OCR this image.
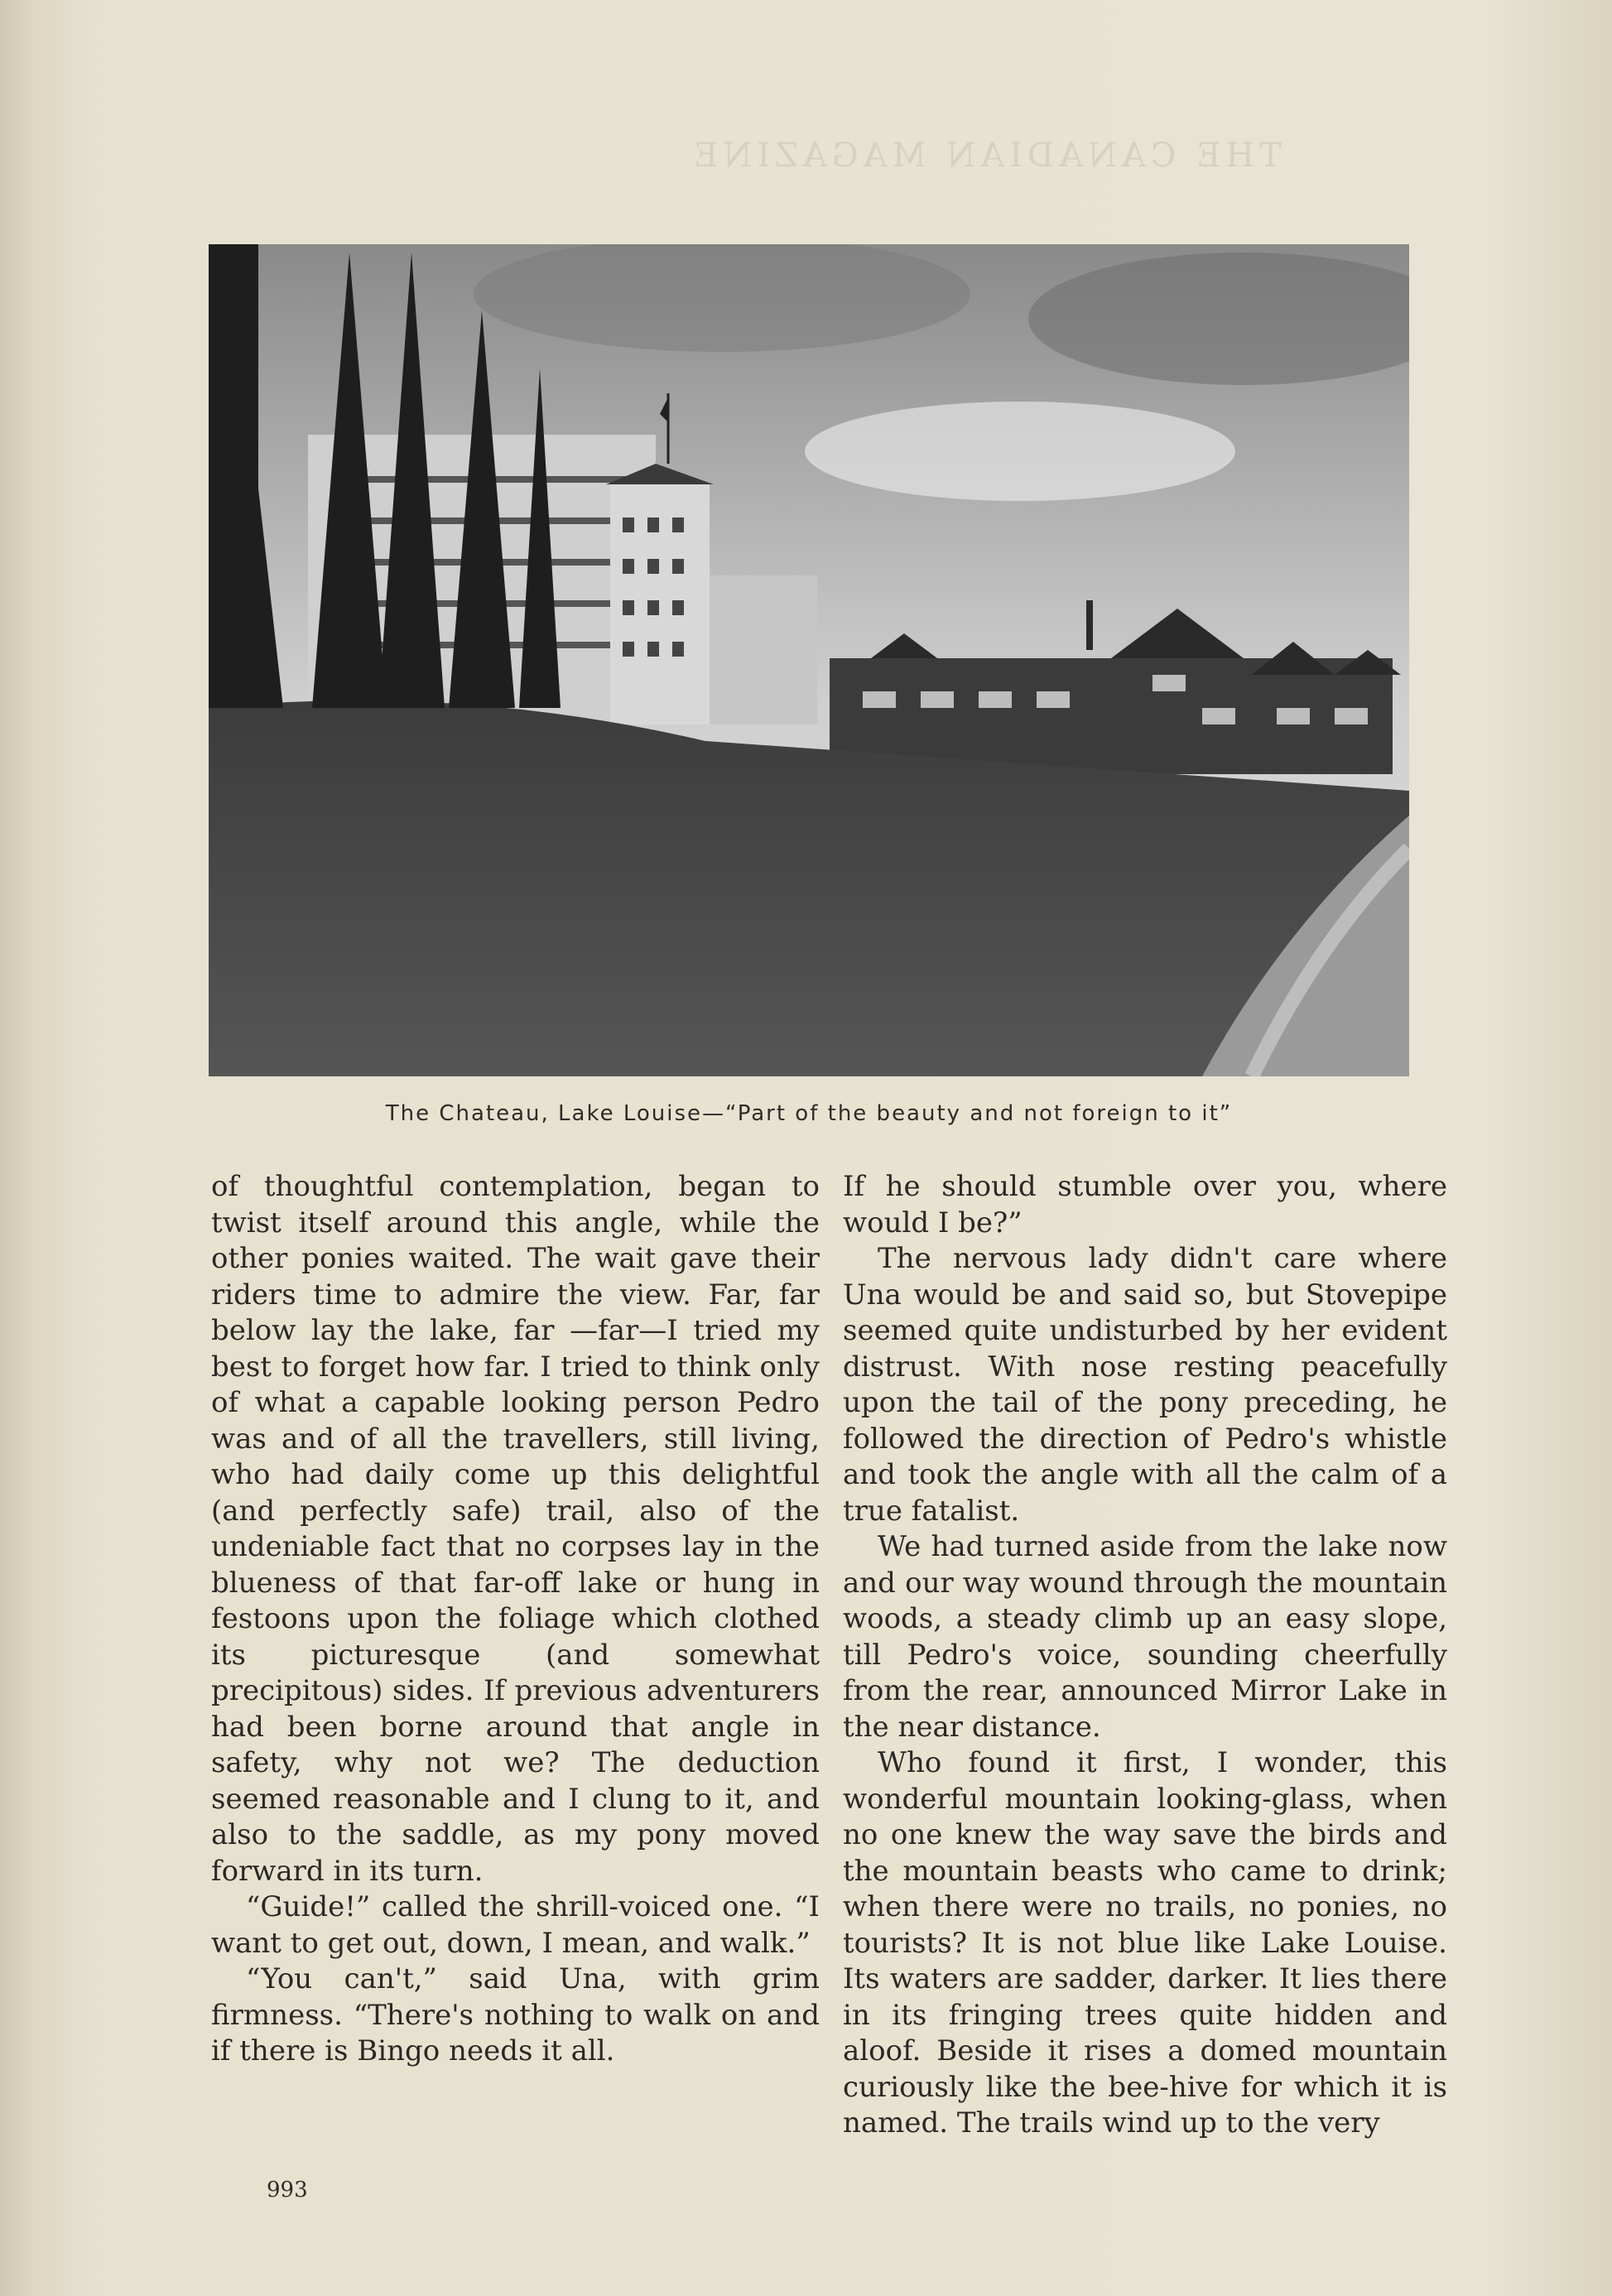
THE CANADIAN MAGAZINE
The Chateau, Lake Louise—“Part of the beauty and not foreign to it”

of thoughtful contemplation, began to twist itself around this angle, while the other ponies waited. The wait gave their riders time to admire the view. Far, far below lay the lake, far —far—I tried my best to forget how far. I tried to think only of what a capable looking person Pedro was and of all the travellers, still living, who had daily come up this delightful (and perfectly safe) trail, also of the undeniable fact that no corpses lay in the blueness of that far-off lake or hung in festoons upon the foliage which clothed its picturesque (and somewhat precipitous) sides. If previous adventurers had been borne around that angle in safety, why not we? The deduction seemed reasonable and I clung to it, and also to the saddle, as my pony moved forward in its turn.

“Guide!” called the shrill-voiced one. “I want to get out, down, I mean, and walk.”

“You can't,” said Una, with grim firmness. “There's nothing to walk on and if there is Bingo needs it all.

If he should stumble over you, where would I be?”

The nervous lady didn't care where Una would be and said so, but Stovepipe seemed quite undisturbed by her evident distrust. With nose resting peacefully upon the tail of the pony preceding, he followed the direction of Pedro's whistle and took the angle with all the calm of a true fatalist.

We had turned aside from the lake now and our way wound through the mountain woods, a steady climb up an easy slope, till Pedro's voice, sounding cheerfully from the rear, announced Mirror Lake in the near distance.

Who found it first, I wonder, this wonderful mountain looking-glass, when no one knew the way save the birds and the mountain beasts who came to drink; when there were no trails, no ponies, no tourists? It is not blue like Lake Louise. Its waters are sadder, darker. It lies there in its fringing trees quite hidden and aloof. Beside it rises a domed mountain curiously like the bee-hive for which it is named. The trails wind up to the very

993
